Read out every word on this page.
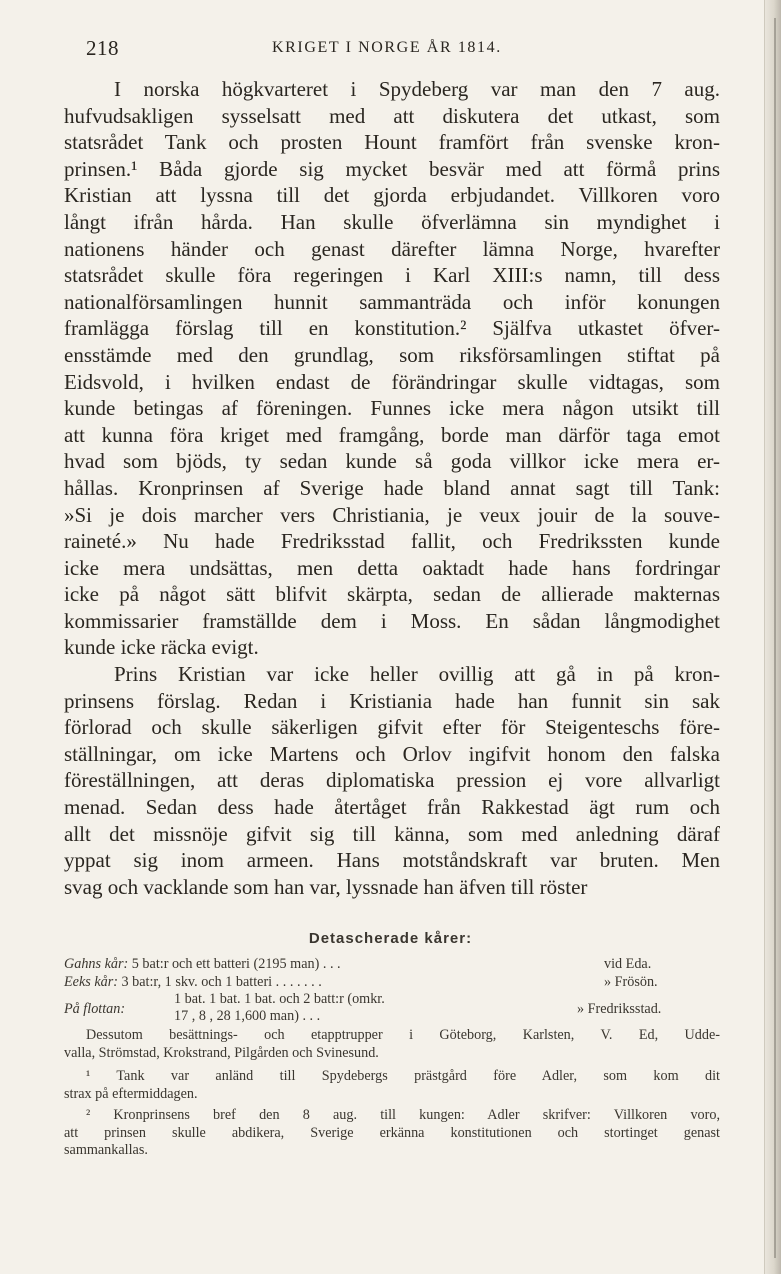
218	KRIGET I NORGE ÅR 1814.
I norska högkvarteret i Spydeberg var man den 7 aug.
hufvudsakligen sysselsatt med att diskutera det utkast, som
statsrådet Tank och prosten Hount framfört från svenske kron-
prinsen.¹ Båda gjorde sig mycket besvär med att förmå prins
Kristian att lyssna till det gjorda erbjudandet. Villkoren voro
långt ifrån hårda. Han skulle öfverlämna sin myndighet i
nationens händer och genast därefter lämna Norge, hvarefter
statsrådet skulle föra regeringen i Karl XIII:s namn, till dess
nationalförsamlingen hunnit sammanträda och inför konungen
framlägga förslag till en konstitution.² Själfva utkastet öfver-
ensstämde med den grundlag, som riksförsamlingen stiftat på
Eidsvold, i hvilken endast de förändringar skulle vidtagas, som
kunde betingas af föreningen. Funnes icke mera någon utsikt till
att kunna föra kriget med framgång, borde man därför taga emot
hvad som bjöds, ty sedan kunde så goda villkor icke mera er-
hållas. Kronprinsen af Sverige hade bland annat sagt till Tank:
»Si je dois marcher vers Christiania, je veux jouir de la souve-
raineté.» Nu hade Fredriksstad fallit, och Fredrikssten kunde
icke mera undsättas, men detta oaktadt hade hans fordringar
icke på något sätt blifvit skärpta, sedan de allierade makternas
kommissarier framställde dem i Moss. En sådan långmodighet
kunde icke räcka evigt.
Prins Kristian var icke heller ovillig att gå in på kron-
prinsens förslag. Redan i Kristiania hade han funnit sin sak
förlorad och skulle säkerligen gifvit efter för Steigenteschs före-
ställningar, om icke Martens och Orlov ingifvit honom den falska
föreställningen, att deras diplomatiska pression ej vore allvarligt
menad. Sedan dess hade återtåget från Rakkestad ägt rum och
allt det missnöje gifvit sig till känna, som med anledning däraf
yppat sig inom armeen. Hans motståndskraft var bruten. Men
svag och vacklande som han var, lyssnade han äfven till röster
Detascherade kårer:
Gahns kår: 5 bat:r och ett batteri (2195 man) . . .	vid Eda.
Eeks kår: 3 bat:r, 1 skv. och 1 batteri . . . . . . .	» Frösön.
På flottan:
1 bat. 1 bat. 1 bat. och 2 batt:r (omkr.
17 , 8 , 28 1,600 man) . . .	» Fredriksstad.
Dessutom besättnings- och etapptrupper i Göteborg, Karlsten, V. Ed, Udde-
valla, Strömstad, Krokstrand, Pilgården och Svinesund.
¹ Tank var anländ till Spydebergs prästgård före Adler, som kom dit
strax på eftermiddagen.
² Kronprinsens bref den 8 aug. till kungen: Adler skrifver: Villkoren voro,
att prinsen skulle abdikera, Sverige erkänna konstitutionen och stortinget genast
sammankallas.
